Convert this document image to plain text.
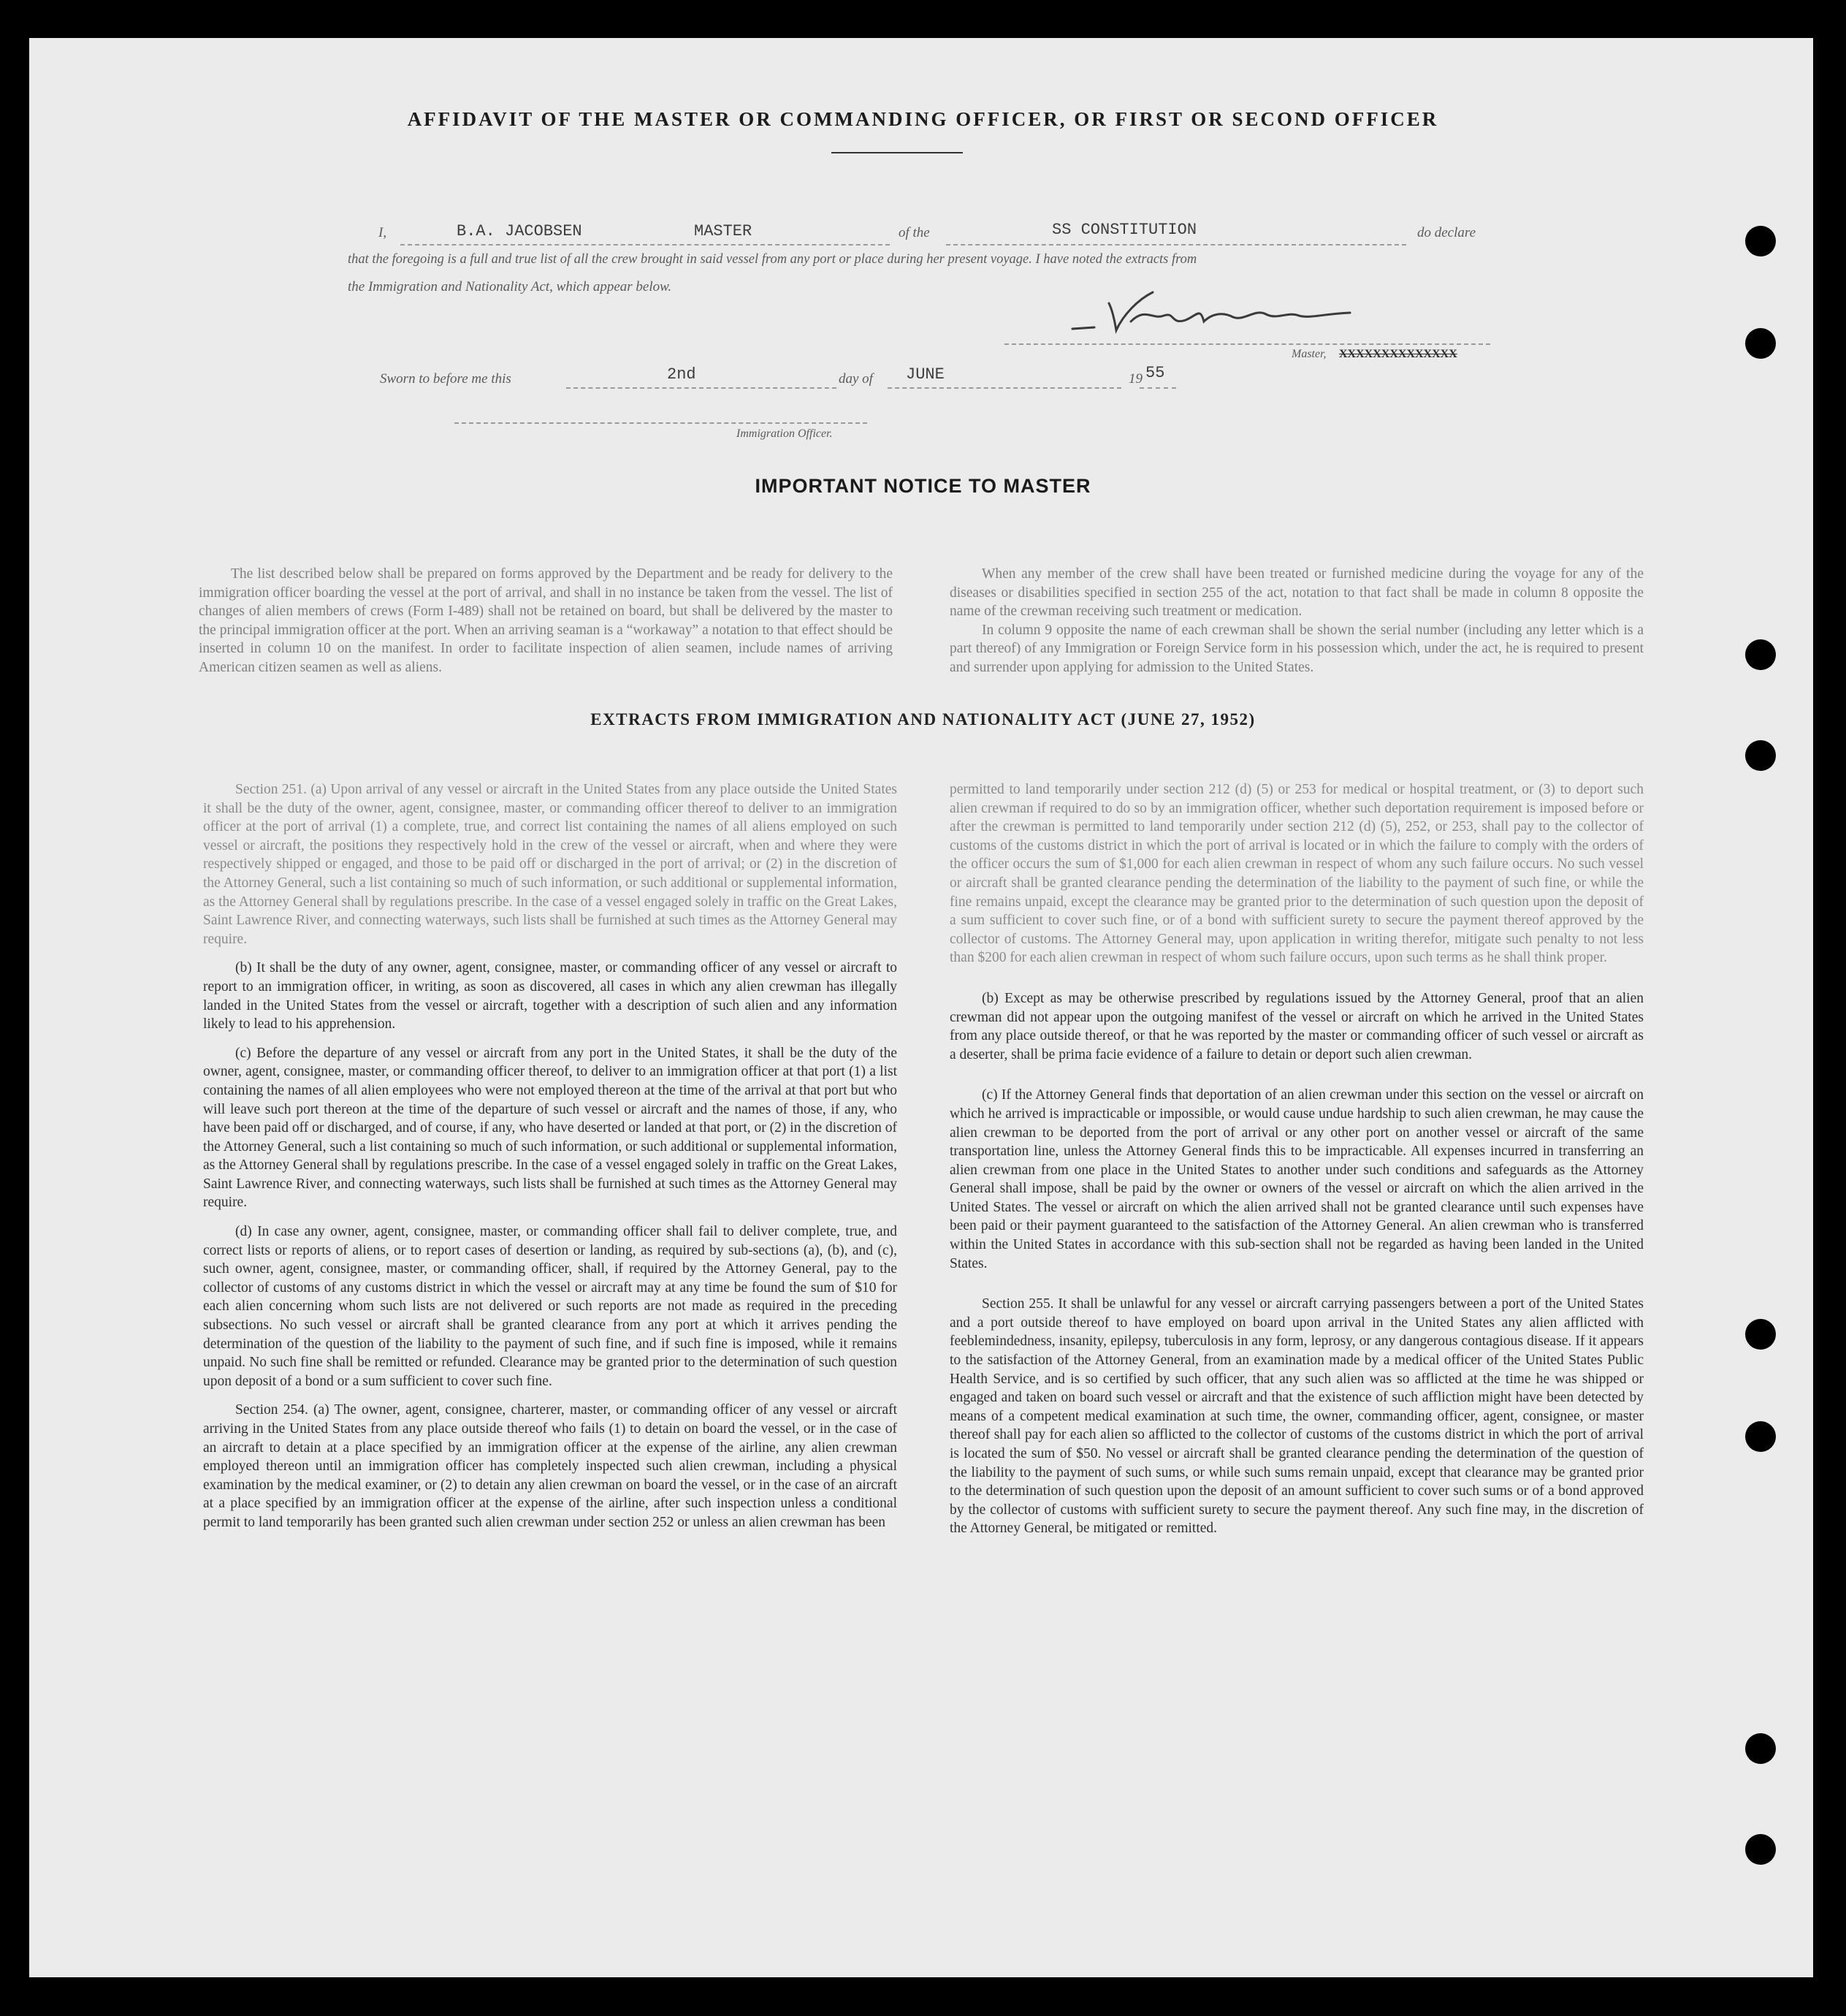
AFFIDAVIT OF THE MASTER OR COMMANDING OFFICER, OR FIRST OR SECOND OFFICER
I,	B.A. JACOBSEN	MASTER	of the	SS CONSTITUTION	do declare
that the foregoing is a full and true list of all the crew brought in said vessel from any port or place during her present voyage. I have noted the extracts from
the Immigration and Nationality Act, which appear below.
Master, XXXXXXXXXXXXXX
Sworn to before me this	2nd	day of JUNE	19 55
Immigration Officer.
IMPORTANT NOTICE TO MASTER

The list described below shall be prepared on forms approved by the Department and be ready for delivery to the immigration officer boarding the vessel at the port of arrival, and shall in no instance be taken from the vessel. The list of changes of alien members of crews (Form I-489) shall not be retained on board, but shall be delivered by the master to the principal immigration officer at the port. When an arriving seaman is a “workaway” a notation to that effect should be inserted in column 10 on the manifest. In order to facilitate inspection of alien seamen, include names of arriving American citizen seamen as well as aliens.

When any member of the crew shall have been treated or furnished medicine during the voyage for any of the diseases or disabilities specified in section 255 of the act, notation to that fact shall be made in column 8 opposite the name of the crewman receiving such treatment or medication.

In column 9 opposite the name of each crewman shall be shown the serial number (including any letter which is a part thereof) of any Immigration or Foreign Service form in his possession which, under the act, he is required to present and surrender upon applying for admission to the United States.

EXTRACTS FROM IMMIGRATION AND NATIONALITY ACT (JUNE 27, 1952)

Section 251. (a) Upon arrival of any vessel or aircraft in the United States from any place outside the United States it shall be the duty of the owner, agent, consignee, master, or commanding officer thereof to deliver to an immigration officer at the port of arrival (1) a complete, true, and correct list containing the names of all aliens employed on such vessel or aircraft, the positions they respectively hold in the crew of the vessel or aircraft, when and where they were respectively shipped or engaged, and those to be paid off or discharged in the port of arrival; or (2) in the discretion of the Attorney General, such a list containing so much of such information, or such additional or supplemental information, as the Attorney General shall by regulations prescribe. In the case of a vessel engaged solely in traffic on the Great Lakes, Saint Lawrence River, and connecting waterways, such lists shall be furnished at such times as the Attorney General may require.

(b) It shall be the duty of any owner, agent, consignee, master, or commanding officer of any vessel or aircraft to report to an immigration officer, in writing, as soon as discovered, all cases in which any alien crewman has illegally landed in the United States from the vessel or aircraft, together with a description of such alien and any information likely to lead to his apprehension.

(c) Before the departure of any vessel or aircraft from any port in the United States, it shall be the duty of the owner, agent, consignee, master, or commanding officer thereof, to deliver to an immigration officer at that port (1) a list containing the names of all alien employees who were not employed thereon at the time of the arrival at that port but who will leave such port thereon at the time of the departure of such vessel or aircraft and the names of those, if any, who have been paid off or discharged, and of course, if any, who have deserted or landed at that port, or (2) in the discretion of the Attorney General, such a list containing so much of such information, or such additional or supplemental information, as the Attorney General shall by regulations prescribe. In the case of a vessel engaged solely in traffic on the Great Lakes, Saint Lawrence River, and connecting waterways, such lists shall be furnished at such times as the Attorney General may require.

(d) In case any owner, agent, consignee, master, or commanding officer shall fail to deliver complete, true, and correct lists or reports of aliens, or to report cases of desertion or landing, as required by sub-sections (a), (b), and (c), such owner, agent, consignee, master, or commanding officer, shall, if required by the Attorney General, pay to the collector of customs of any customs district in which the vessel or aircraft may at any time be found the sum of $10 for each alien concerning whom such lists are not delivered or such reports are not made as required in the preceding subsections. No such vessel or aircraft shall be granted clearance from any port at which it arrives pending the determination of the question of the liability to the payment of such fine, and if such fine is imposed, while it remains unpaid. No such fine shall be remitted or refunded. Clearance may be granted prior to the determination of such question upon deposit of a bond or a sum sufficient to cover such fine.

Section 254. (a) The owner, agent, consignee, charterer, master, or commanding officer of any vessel or aircraft arriving in the United States from any place outside thereof who fails (1) to detain on board the vessel, or in the case of an aircraft to detain at a place specified by an immigration officer at the expense of the airline, any alien crewman employed thereon until an immigration officer has completely inspected such alien crewman, including a physical examination by the medical examiner, or (2) to detain any alien crewman on board the vessel, or in the case of an aircraft at a place specified by an immigration officer at the expense of the airline, after such inspection unless a conditional permit to land temporarily has been granted such alien crewman under section 252 or unless an alien crewman has been

permitted to land temporarily under section 212 (d) (5) or 253 for medical or hospital treatment, or (3) to deport such alien crewman if required to do so by an immigration officer, whether such deportation requirement is imposed before or after the crewman is permitted to land temporarily under section 212 (d) (5), 252, or 253, shall pay to the collector of customs of the customs district in which the port of arrival is located or in which the failure to comply with the orders of the officer occurs the sum of $1,000 for each alien crewman in respect of whom any such failure occurs. No such vessel or aircraft shall be granted clearance pending the determination of the liability to the payment of such fine, or while the fine remains unpaid, except the clearance may be granted prior to the determination of such question upon the deposit of a sum sufficient to cover such fine, or of a bond with sufficient surety to secure the payment thereof approved by the collector of customs. The Attorney General may, upon application in writing therefor, mitigate such penalty to not less than $200 for each alien crewman in respect of whom such failure occurs, upon such terms as he shall think proper.

(b) Except as may be otherwise prescribed by regulations issued by the Attorney General, proof that an alien crewman did not appear upon the outgoing manifest of the vessel or aircraft on which he arrived in the United States from any place outside thereof, or that he was reported by the master or commanding officer of such vessel or aircraft as a deserter, shall be prima facie evidence of a failure to detain or deport such alien crewman.

(c) If the Attorney General finds that deportation of an alien crewman under this section on the vessel or aircraft on which he arrived is impracticable or impossible, or would cause undue hardship to such alien crewman, he may cause the alien crewman to be deported from the port of arrival or any other port on another vessel or aircraft of the same transportation line, unless the Attorney General finds this to be impracticable. All expenses incurred in transferring an alien crewman from one place in the United States to another under such conditions and safeguards as the Attorney General shall impose, shall be paid by the owner or owners of the vessel or aircraft on which the alien arrived in the United States. The vessel or aircraft on which the alien arrived shall not be granted clearance until such expenses have been paid or their payment guaranteed to the satisfaction of the Attorney General. An alien crewman who is transferred within the United States in accordance with this sub-section shall not be regarded as having been landed in the United States.

Section 255. It shall be unlawful for any vessel or aircraft carrying passengers between a port of the United States and a port outside thereof to have employed on board upon arrival in the United States any alien afflicted with feeblemindedness, insanity, epilepsy, tuberculosis in any form, leprosy, or any dangerous contagious disease. If it appears to the satisfaction of the Attorney General, from an examination made by a medical officer of the United States Public Health Service, and is so certified by such officer, that any such alien was so afflicted at the time he was shipped or engaged and taken on board such vessel or aircraft and that the existence of such affliction might have been detected by means of a competent medical examination at such time, the owner, commanding officer, agent, consignee, or master thereof shall pay for each alien so afflicted to the collector of customs of the customs district in which the port of arrival is located the sum of $50. No vessel or aircraft shall be granted clearance pending the determination of the question of the liability to the payment of such sums, or while such sums remain unpaid, except that clearance may be granted prior to the determination of such question upon the deposit of an amount sufficient to cover such sums or of a bond approved by the collector of customs with sufficient surety to secure the payment thereof. Any such fine may, in the discretion of the Attorney General, be mitigated or remitted.
